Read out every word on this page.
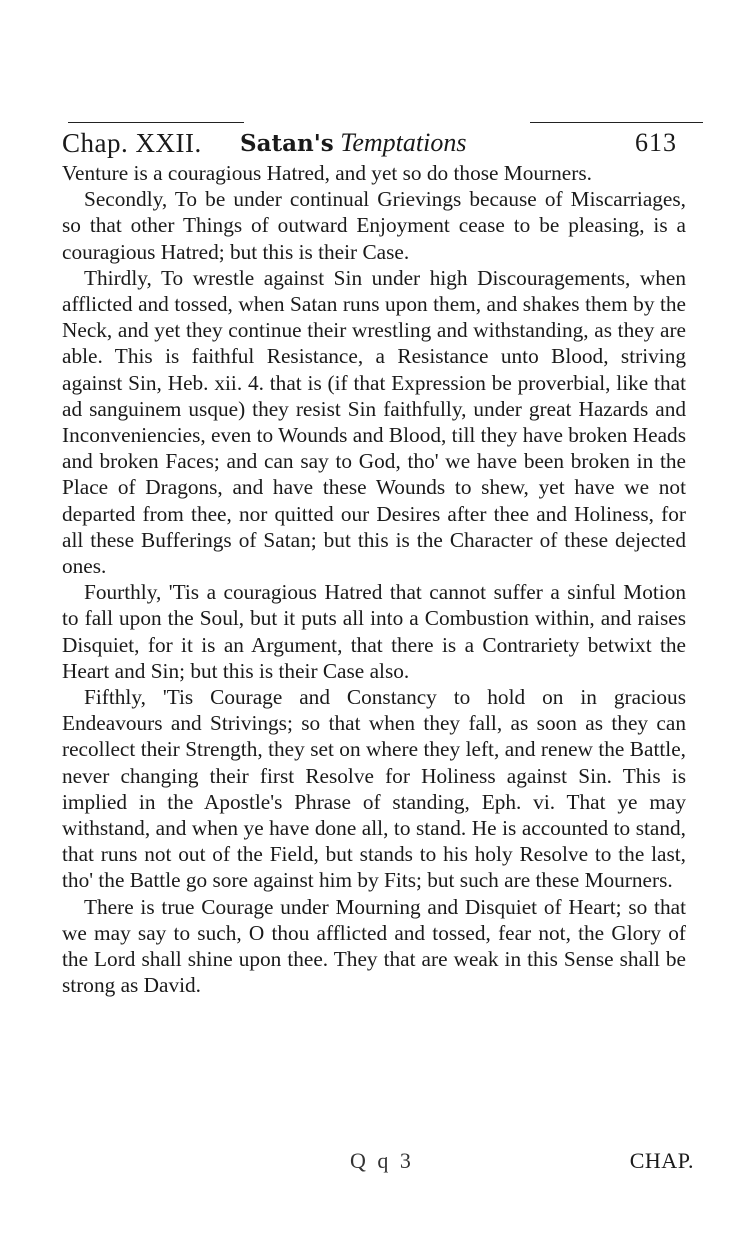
Chap. XXII. Satan's Temptations	613

Venture is a couragious Hatred, and yet so do those Mourners.

Secondly, To be under continual Grievings because of Miscarriages, so that other Things of outward Enjoyment cease to be pleasing, is a couragious Hatred; but this is their Case.

Thirdly, To wrestle against Sin under high Discouragements, when afflicted and tossed, when Satan runs upon them, and shakes them by the Neck, and yet they continue their wrestling and withstanding, as they are able. This is faithful Resistance, a Resistance unto Blood, striving against Sin, Heb. xii. 4. that is (if that Expression be proverbial, like that ad sanguinem usque) they resist Sin faithfully, under great Hazards and Inconveniencies, even to Wounds and Blood, till they have broken Heads and broken Faces; and can say to God, tho' we have been broken in the Place of Dragons, and have these Wounds to shew, yet have we not departed from thee, nor quitted our Desires after thee and Holiness, for all these Bufferings of Satan; but this is the Character of these dejected ones.

Fourthly, 'Tis a couragious Hatred that cannot suffer a sinful Motion to fall upon the Soul, but it puts all into a Combustion within, and raises Disquiet, for it is an Argument, that there is a Contrariety betwixt the Heart and Sin; but this is their Case also.

Fifthly, 'Tis Courage and Constancy to hold on in gracious Endeavours and Strivings; so that when they fall, as soon as they can recollect their Strength, they set on where they left, and renew the Battle, never changing their first Resolve for Holiness against Sin. This is implied in the Apostle's Phrase of standing, Eph. vi. That ye may withstand, and when ye have done all, to stand. He is accounted to stand, that runs not out of the Field, but stands to his holy Resolve to the last, tho' the Battle go sore against him by Fits; but such are these Mourners.

There is true Courage under Mourning and Disquiet of Heart; so that we may say to such, O thou afflicted and tossed, fear not, the Glory of the Lord shall shine upon thee. They that are weak in this Sense shall be strong as David.

Q q 3	CHAP.
